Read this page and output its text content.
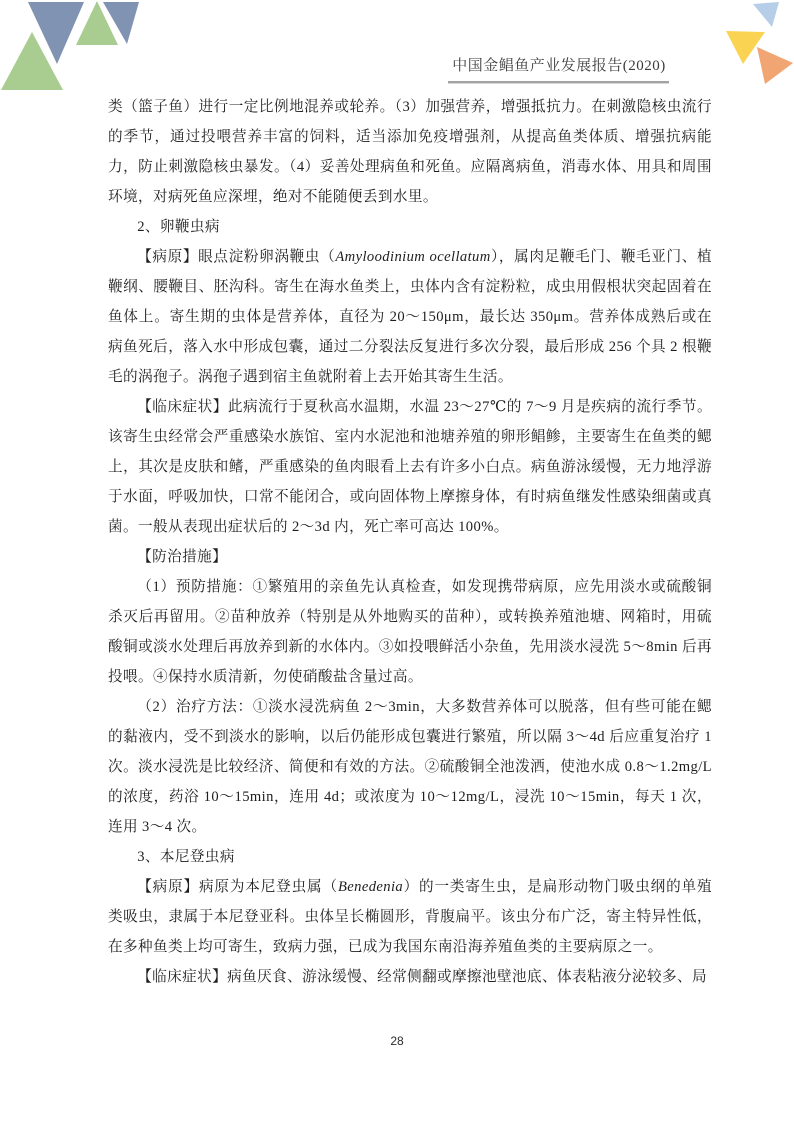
中国金鲳鱼产业发展报告(2020)

类（篮子鱼）进行一定比例地混养或轮养。（3）加强营养，增强抵抗力。在刺激隐核虫流行的季节，通过投喂营养丰富的饲料，适当添加免疫增强剂，从提高鱼类体质、增强抗病能力，防止刺激隐核虫暴发。（4）妥善处理病鱼和死鱼。应隔离病鱼，消毒水体、用具和周围环境，对病死鱼应深埋，绝对不能随便丢到水里。

2、卵鞭虫病

【病原】眼点淀粉卵涡鞭虫（Amyloodinium ocellatum），属肉足鞭毛门、鞭毛亚门、植鞭纲、腰鞭目、胚沟科。寄生在海水鱼类上，虫体内含有淀粉粒，成虫用假根状突起固着在鱼体上。寄生期的虫体是营养体，直径为 20～150μm，最长达 350μm。营养体成熟后或在病鱼死后，落入水中形成包囊，通过二分裂法反复进行多次分裂，最后形成 256 个具 2 根鞭毛的涡孢子。涡孢子遇到宿主鱼就附着上去开始其寄生生活。

【临床症状】此病流行于夏秋高水温期，水温 23～27℃的 7～9 月是疾病的流行季节。该寄生虫经常会严重感染水族馆、室内水泥池和池塘养殖的卵形鲳鲹，主要寄生在鱼类的鳃上，其次是皮肤和鳍，严重感染的鱼肉眼看上去有许多小白点。病鱼游泳缓慢，无力地浮游于水面，呼吸加快，口常不能闭合，或向固体物上摩擦身体，有时病鱼继发性感染细菌或真菌。一般从表现出症状后的 2～3d 内，死亡率可高达 100%。

【防治措施】

（1）预防措施：①繁殖用的亲鱼先认真检查，如发现携带病原，应先用淡水或硫酸铜杀灭后再留用。②苗种放养（特别是从外地购买的苗种），或转换养殖池塘、网箱时，用硫酸铜或淡水处理后再放养到新的水体内。③如投喂鲜活小杂鱼，先用淡水浸洗 5～8min 后再投喂。④保持水质清新，勿使硝酸盐含量过高。

（2）治疗方法：①淡水浸洗病鱼 2～3min，大多数营养体可以脱落，但有些可能在鳃的黏液内，受不到淡水的影响，以后仍能形成包囊进行繁殖，所以隔 3～4d 后应重复治疗 1 次。淡水浸洗是比较经济、简便和有效的方法。②硫酸铜全池泼洒，使池水成 0.8～1.2mg/L 的浓度，药浴 10～15min，连用 4d；或浓度为 10～12mg/L，浸洗 10～15min，每天 1 次，连用 3～4 次。

3、本尼登虫病

【病原】病原为本尼登虫属（Benedenia）的一类寄生虫，是扁形动物门吸虫纲的单殖类吸虫，隶属于本尼登亚科。虫体呈长椭圆形，背腹扁平。该虫分布广泛，寄主特异性低，在多种鱼类上均可寄生，致病力强，已成为我国东南沿海养殖鱼类的主要病原之一。

【临床症状】病鱼厌食、游泳缓慢、经常侧翻或摩擦池壁池底、体表粘液分泌较多、局

28
